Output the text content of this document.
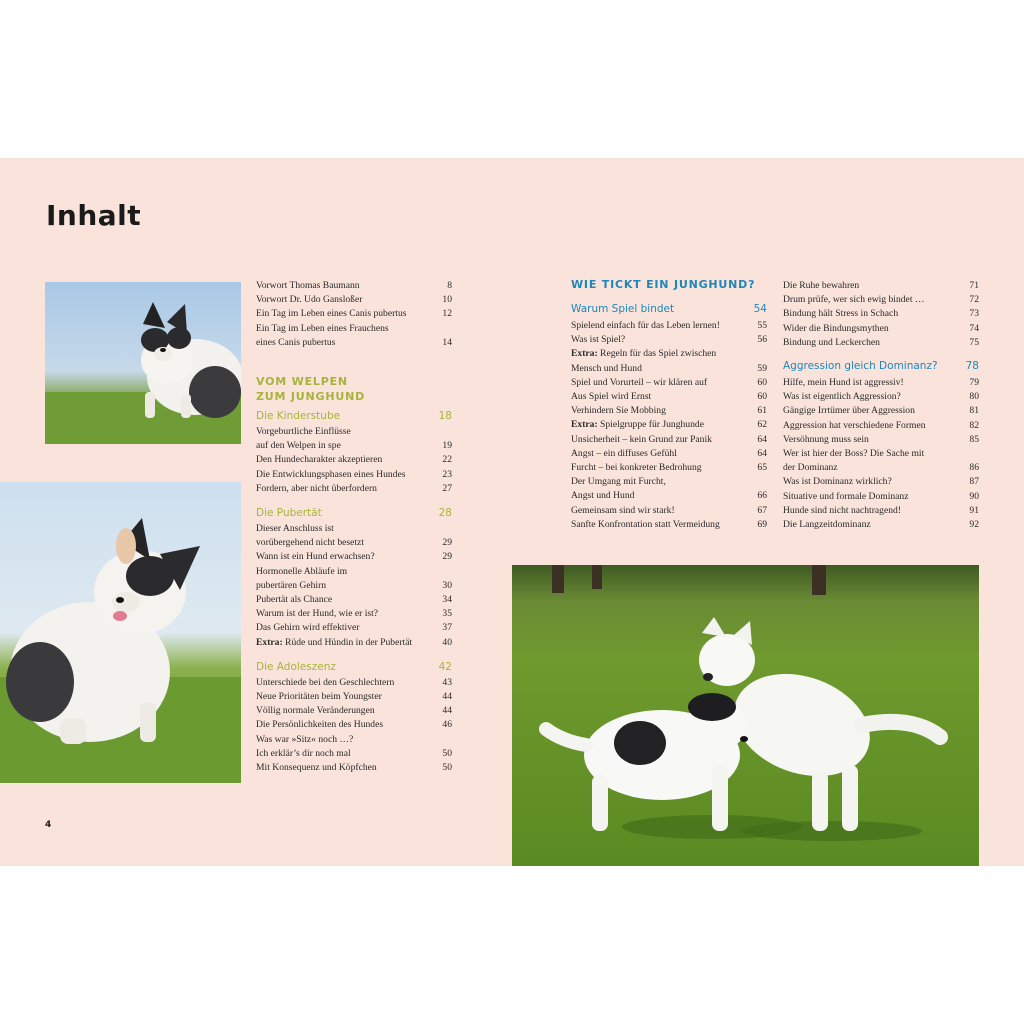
Inhalt
Vorwort Thomas Baumann	8
Vorwort Dr. Udo Gansloßer	10
Ein Tag im Leben eines Canis pubertus	12
Ein Tag im Leben eines Frauchens
eines Canis pubertus	14
VOM WELPEN ZUM JUNGHUND
Die Kinderstube	18
Vorgeburtliche Einflüsse
auf den Welpen in spe	19
Den Hundecharakter akzeptieren	22
Die Entwicklungsphasen eines Hundes	23
Fordern, aber nicht überfordern	27
Die Pubertät	28
Dieser Anschluss ist
vorübergehend nicht besetzt	29
Wann ist ein Hund erwachsen?	29
Hormonelle Abläufe im
pubertären Gehirn	30
Pubertät als Chance	34
Warum ist der Hund, wie er ist?	35
Das Gehirn wird effektiver	37
Extra: Rüde und Hündin in der Pubertät	40
Die Adoleszenz	42
Unterschiede bei den Geschlechtern	43
Neue Prioritäten beim Youngster	44
Völlig normale Veränderungen	44
Die Persönlichkeiten des Hundes	46
Was war »Sitz« noch …?
Ich erklär’s dir noch mal	50
Mit Konsequenz und Köpfchen	50
WIE TICKT EIN JUNGHUND?
Warum Spiel bindet	54
Spielend einfach für das Leben lernen!	55
Was ist Spiel?	56
Extra: Regeln für das Spiel zwischen
Mensch und Hund	59
Spiel und Vorurteil – wir klären auf	60
Aus Spiel wird Ernst	60
Verhindern Sie Mobbing	61
Extra: Spielgruppe für Junghunde	62
Unsicherheit – kein Grund zur Panik	64
Angst – ein diffuses Gefühl	64
Furcht – bei konkreter Bedrohung	65
Der Umgang mit Furcht,
Angst und Hund	66
Gemeinsam sind wir stark!	67
Sanfte Konfrontation statt Vermeidung	69
Die Ruhe bewahren	71
Drum prüfe, wer sich ewig bindet …	72
Bindung hält Stress in Schach	73
Wider die Bindungsmythen	74
Bindung und Leckerchen	75
Aggression gleich Dominanz?	78
Hilfe, mein Hund ist aggressiv!	79
Was ist eigentlich Aggression?	80
Gängige Irrtümer über Aggression	81
Aggression hat verschiedene Formen	82
Versöhnung muss sein	85
Wer ist hier der Boss? Die Sache mit
der Dominanz	86
Was ist Dominanz wirklich?	87
Situative und formale Dominanz	90
Hunde sind nicht nachtragend!	91
Die Langzeitdominanz	92
4
